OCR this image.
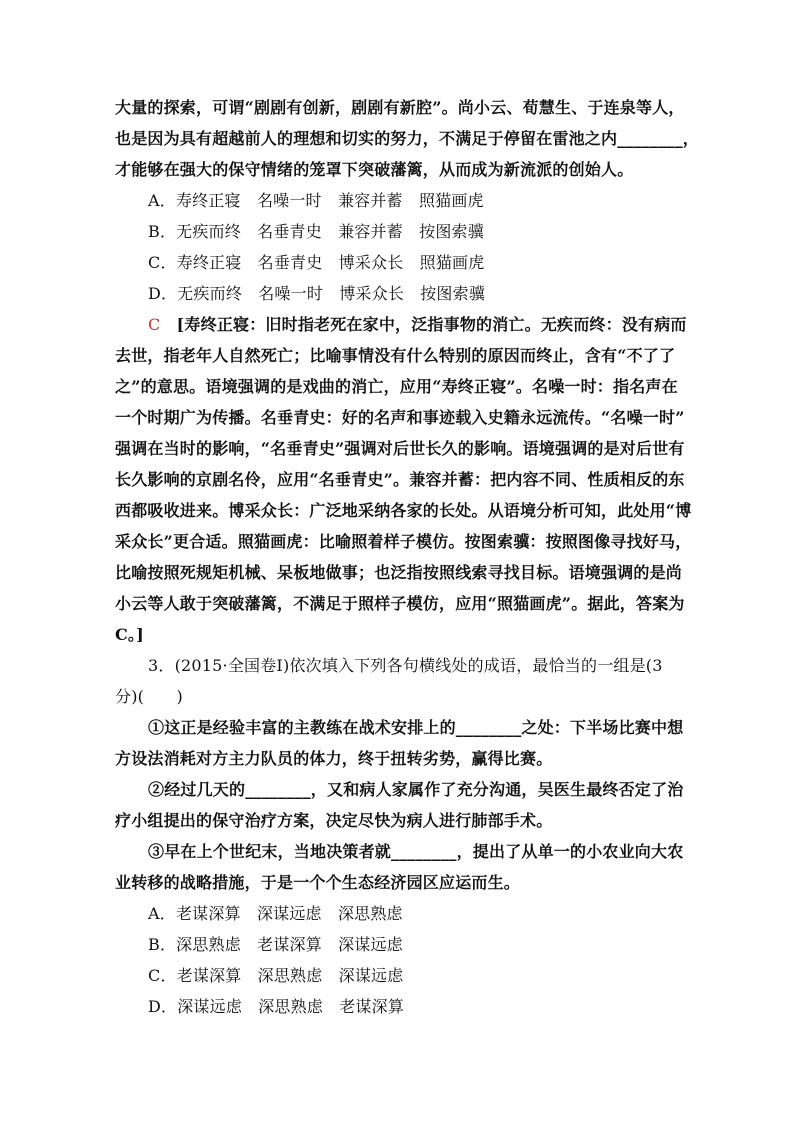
大量的探索，可谓“剧剧有创新，剧剧有新腔”。尚小云、荀慧生、于连泉等人，
也是因为具有超越前人的理想和切实的努力，不满足于停留在雷池之内________，
才能够在强大的保守情绪的笼罩下突破藩篱，从而成为新流派的创始人。
A．寿终正寝　名噪一时　兼容并蓄　照猫画虎
B．无疾而终　名垂青史　兼容并蓄　按图索骥
C．寿终正寝　名垂青史　博采众长　照猫画虎
D．无疾而终　名噪一时　博采众长　按图索骥
C　 [寿终正寝：旧时指老死在家中，泛指事物的消亡。无疾而终：没有病而
去世，指老年人自然死亡；比喻事情没有什么特别的原因而终止，含有“不了了
之”的意思。语境强调的是戏曲的消亡，应用“寿终正寝”。名噪一时：指名声在
一个时期广为传播。名垂青史：好的名声和事迹载入史籍永远流传。“名噪一时”
强调在当时的影响，“名垂青史”强调对后世长久的影响。语境强调的是对后世有
长久影响的京剧名伶，应用“名垂青史”。兼容并蓄：把内容不同、性质相反的东
西都吸收进来。博采众长：广泛地采纳各家的长处。从语境分析可知，此处用“博
采众长”更合适。照猫画虎：比喻照着样子模仿。按图索骥：按照图像寻找好马，
比喻按照死规矩机械、呆板地做事；也泛指按照线索寻找目标。语境强调的是尚
小云等人敢于突破藩篱，不满足于照样子模仿，应用“照猫画虎”。据此，答案为
C。]
3．(2015·全国卷Ⅰ)依次填入下列各句横线处的成语，最恰当的一组是(3
分)(　　)
①这正是经验丰富的主教练在战术安排上的________之处：下半场比赛中想
方设法消耗对方主力队员的体力，终于扭转劣势，赢得比赛。
②经过几天的________，又和病人家属作了充分沟通，吴医生最终否定了治
疗小组提出的保守治疗方案，决定尽快为病人进行肺部手术。
③早在上个世纪末，当地决策者就________，提出了从单一的小农业向大农
业转移的战略措施，于是一个个生态经济园区应运而生。
A．老谋深算　深谋远虑　深思熟虑
B．深思熟虑　老谋深算　深谋远虑
C．老谋深算　深思熟虑　深谋远虑
D．深谋远虑　深思熟虑　老谋深算
